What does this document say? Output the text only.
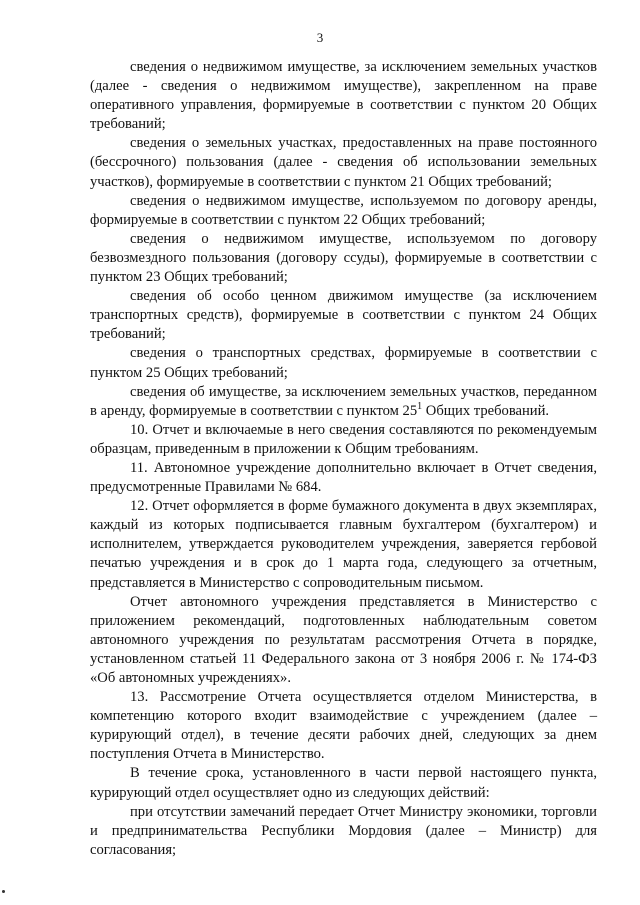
3

сведения о недвижимом имуществе, за исключением земельных участков (далее - сведения о недвижимом имуществе), закрепленном на праве оперативного управления, формируемые в соответствии с пунктом 20 Общих требований;

сведения о земельных участках, предоставленных на праве постоянного (бессрочного) пользования (далее - сведения об использовании земельных участков), формируемые в соответствии с пунктом 21 Общих требований;

сведения о недвижимом имуществе, используемом по договору аренды, формируемые в соответствии с пунктом 22 Общих требований;

сведения о недвижимом имуществе, используемом по договору безвозмездного пользования (договору ссуды), формируемые в соответствии с пунктом 23 Общих требований;

сведения об особо ценном движимом имуществе (за исключением транспортных средств), формируемые в соответствии с пунктом 24 Общих требований;

сведения о транспортных средствах, формируемые в соответствии с пунктом 25 Общих требований;

сведения об имуществе, за исключением земельных участков, переданном в аренду, формируемые в соответствии с пунктом $25^1$ Общих требований.

10. Отчет и включаемые в него сведения составляются по рекомендуемым образцам, приведенным в приложении к Общим требованиям.

11. Автономное учреждение дополнительно включает в Отчет сведения, предусмотренные Правилами № 684.

12. Отчет оформляется в форме бумажного документа в двух экземплярах, каждый из которых подписывается главным бухгалтером (бухгалтером) и исполнителем, утверждается руководителем учреждения, заверяется гербовой печатью учреждения и в срок до 1 марта года, следующего за отчетным, представляется в Министерство с сопроводительным письмом.

Отчет автономного учреждения представляется в Министерство с приложением рекомендаций, подготовленных наблюдательным советом автономного учреждения по результатам рассмотрения Отчета в порядке, установленном статьей 11 Федерального закона от 3 ноября 2006 г. № 174-ФЗ «Об автономных учреждениях».

13. Рассмотрение Отчета осуществляется отделом Министерства, в компетенцию которого входит взаимодействие с учреждением (далее – курирующий отдел), в течение десяти рабочих дней, следующих за днем поступления Отчета в Министерство.

В течение срока, установленного в части первой настоящего пункта, курирующий отдел осуществляет одно из следующих действий:

при отсутствии замечаний передает Отчет Министру экономики, торговли и предпринимательства Республики Мордовия (далее – Министр) для согласования;
